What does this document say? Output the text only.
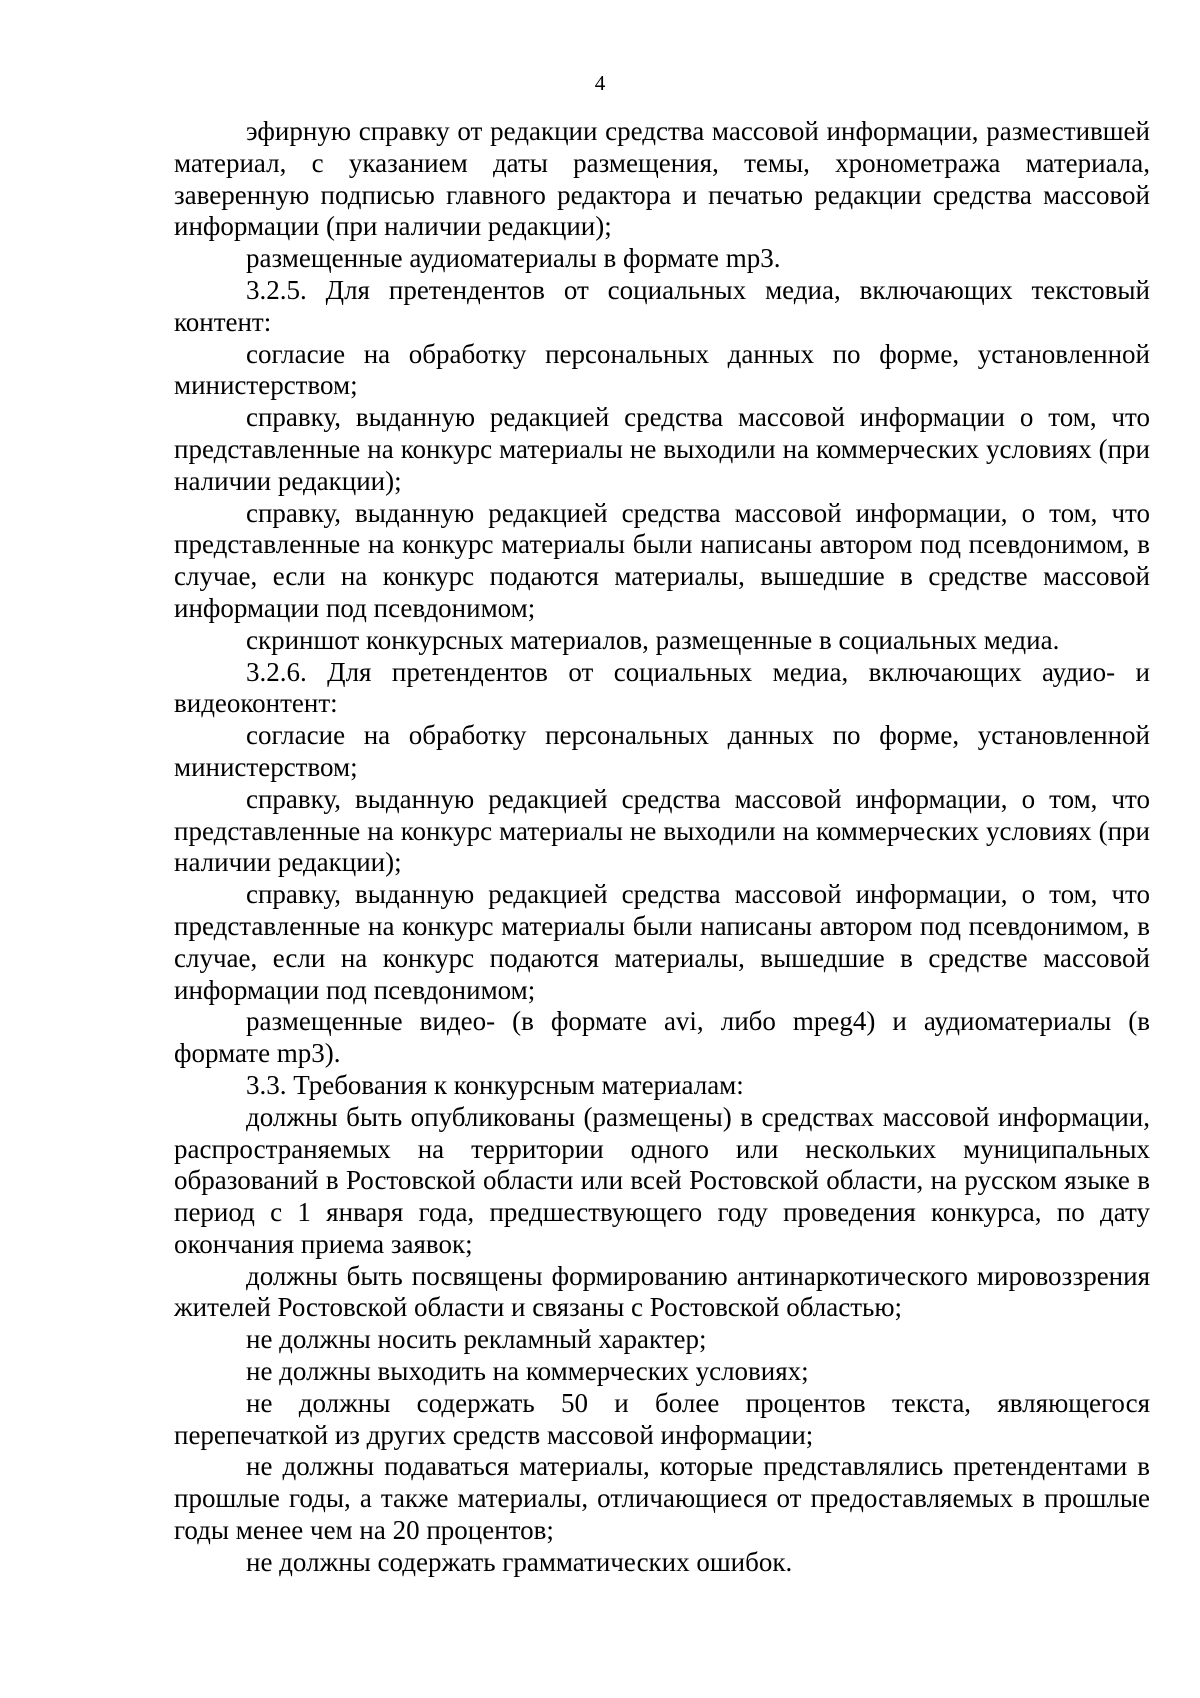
4

эфирную справку от редакции средства массовой информации, разместившей материал, с указанием даты размещения, темы, хронометража материала, заверенную подписью главного редактора и печатью редакции средства массовой информации (при наличии редакции);

размещенные аудиоматериалы в формате mp3.

3.2.5. Для претендентов от социальных медиа, включающих текстовый контент:

согласие на обработку персональных данных по форме, установленной министерством;

справку, выданную редакцией средства массовой информации о том, что представленные на конкурс материалы не выходили на коммерческих условиях (при наличии редакции);

справку, выданную редакцией средства массовой информации, о том, что представленные на конкурс материалы были написаны автором под псевдонимом, в случае, если на конкурс подаются материалы, вышедшие в средстве массовой информации под псевдонимом;

скриншот конкурсных материалов, размещенные в социальных медиа.

3.2.6. Для претендентов от социальных медиа, включающих аудио- и видеоконтент:

согласие на обработку персональных данных по форме, установленной министерством;

справку, выданную редакцией средства массовой информации, о том, что представленные на конкурс материалы не выходили на коммерческих условиях (при наличии редакции);

справку, выданную редакцией средства массовой информации, о том, что представленные на конкурс материалы были написаны автором под псевдонимом, в случае, если на конкурс подаются материалы, вышедшие в средстве массовой информации под псевдонимом;

размещенные видео- (в формате avi, либо mpeg4) и аудиоматериалы (в формате mp3).

3.3. Требования к конкурсным материалам:

должны быть опубликованы (размещены) в средствах массовой информации, распространяемых на территории одного или нескольких муниципальных образований в Ростовской области или всей Ростовской области, на русском языке в период с 1 января года, предшествующего году проведения конкурса, по дату окончания приема заявок;

должны быть посвящены формированию антинаркотического мировоззрения жителей Ростовской области и связаны с Ростовской областью;

не должны носить рекламный характер;

не должны выходить на коммерческих условиях;

не должны содержать 50 и более процентов текста, являющегося перепечаткой из других средств массовой информации;

не должны подаваться материалы, которые представлялись претендентами в прошлые годы, а также материалы, отличающиеся от предоставляемых в прошлые годы менее чем на 20 процентов;

не должны содержать грамматических ошибок.
